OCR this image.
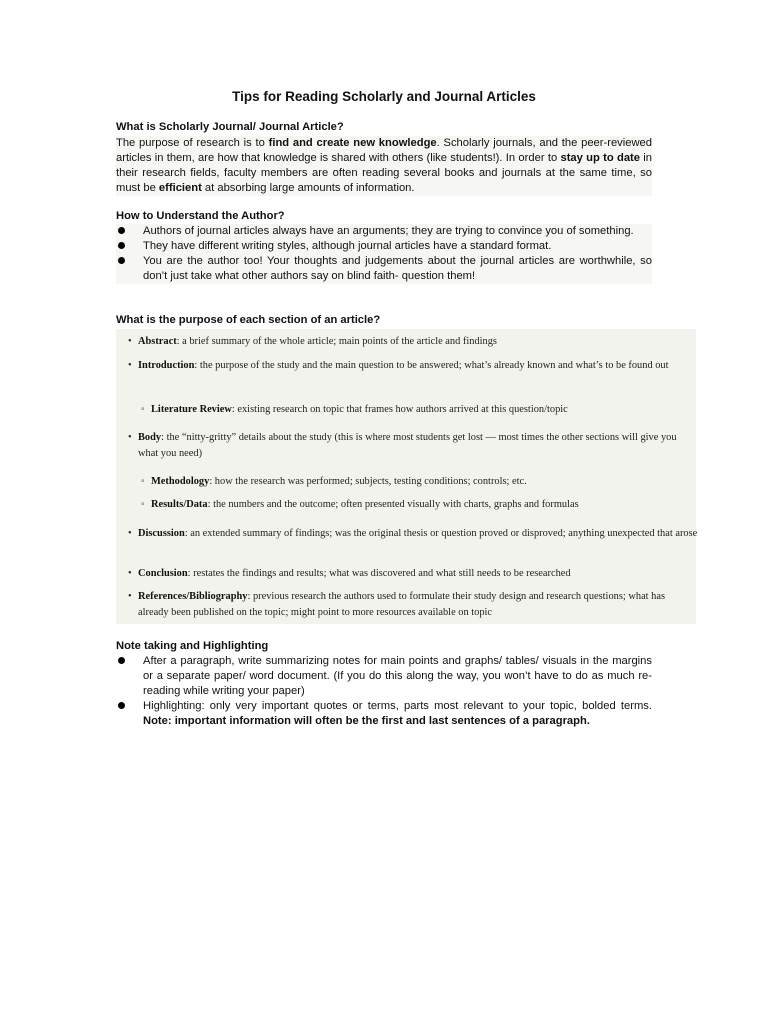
Tips for Reading Scholarly and Journal Articles
What is Scholarly Journal/ Journal Article?
The purpose of research is to find and create new knowledge. Scholarly journals, and the peer-reviewed articles in them, are how that knowledge is shared with others (like students!). In order to stay up to date in their research fields, faculty members are often reading several books and journals at the same time, so must be efficient at absorbing large amounts of information.
How to Understand the Author?
Authors of journal articles always have an arguments; they are trying to convince you of something.
They have different writing styles, although journal articles have a standard format.
You are the author too! Your thoughts and judgements about the journal articles are worthwhile, so don’t just take what other authors say on blind faith- question them!
What is the purpose of each section of an article?
Note taking and Highlighting
After a paragraph, write summarizing notes for main points and graphs/ tables/ visuals in the margins or a separate paper/ word document. (If you do this along the way, you won’t have to do as much re-reading while writing your paper)
Highlighting: only very important quotes or terms, parts most relevant to your topic, bolded terms. Note: important information will often be the first and last sentences of a paragraph.
• Abstract: a brief summary of the whole article; main points of the article and findings
• Introduction: the purpose of the study and the main question to be answered; what’s already known and what’s to be found out
◦ Literature Review: existing research on topic that frames how authors arrived at this question/topic
• Body: the “nitty-gritty” details about the study (this is where most students get lost — most times the other sections will give you what you need)
◦ Methodology: how the research was performed; subjects, testing conditions; controls; etc.
◦ Results/Data: the numbers and the outcome; often presented visually with charts, graphs and formulas
• Discussion: an extended summary of findings; was the original thesis or question proved or disproved; anything unexpected that arose
• Conclusion: restates the findings and results; what was discovered and what still needs to be researched
• References/Bibliography: previous research the authors used to formulate their study design and research questions; what has already been published on the topic; might point to more resources available on topic
